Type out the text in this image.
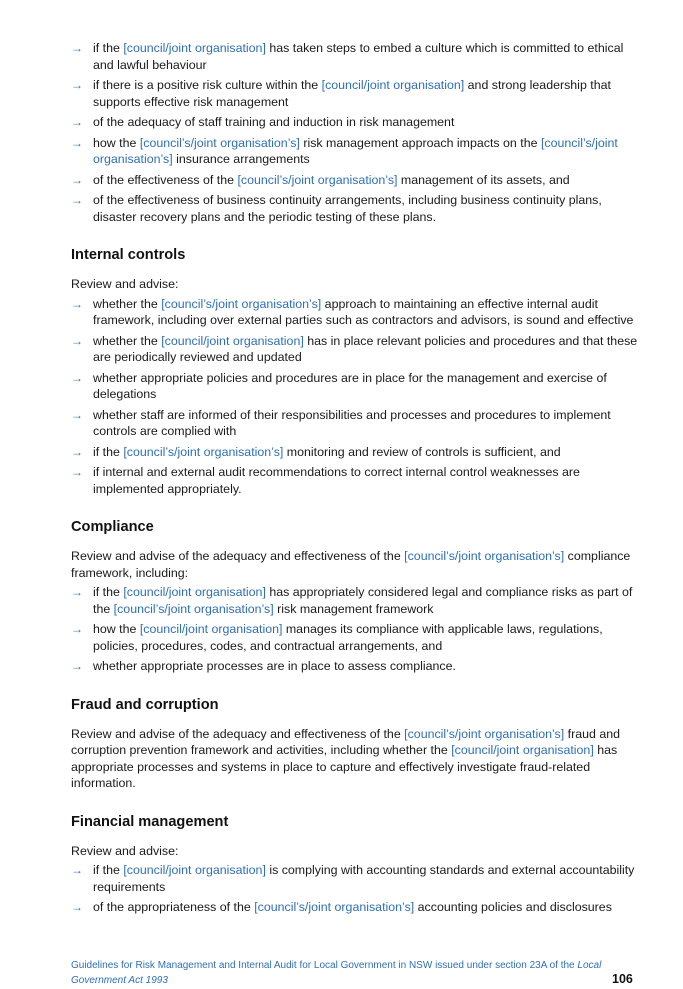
→ if the [council/joint organisation] has taken steps to embed a culture which is committed to ethical and lawful behaviour
→ if there is a positive risk culture within the [council/joint organisation] and strong leadership that supports effective risk management
→ of the adequacy of staff training and induction in risk management
→ how the [council’s/joint organisation’s] risk management approach impacts on the [council’s/joint organisation’s] insurance arrangements
→ of the effectiveness of the [council’s/joint organisation’s] management of its assets, and
→ of the effectiveness of business continuity arrangements, including business continuity plans, disaster recovery plans and the periodic testing of these plans.
Internal controls

Review and advise:

→ whether the [council’s/joint organisation’s] approach to maintaining an effective internal audit framework, including over external parties such as contractors and advisors, is sound and effective
→ whether the [council/joint organisation] has in place relevant policies and procedures and that these are periodically reviewed and updated
→ whether appropriate policies and procedures are in place for the management and exercise of delegations
→ whether staff are informed of their responsibilities and processes and procedures to implement controls are complied with
→ if the [council’s/joint organisation’s] monitoring and review of controls is sufficient, and
→ if internal and external audit recommendations to correct internal control weaknesses are implemented appropriately.
Compliance

Review and advise of the adequacy and effectiveness of the [council’s/joint organisation’s] compliance framework, including:

→ if the [council/joint organisation] has appropriately considered legal and compliance risks as part of the [council’s/joint organisation’s] risk management framework
→ how the [council/joint organisation] manages its compliance with applicable laws, regulations, policies, procedures, codes, and contractual arrangements, and
→ whether appropriate processes are in place to assess compliance.
Fraud and corruption

Review and advise of the adequacy and effectiveness of the [council’s/joint organisation’s] fraud and corruption prevention framework and activities, including whether the [council/joint organisation] has appropriate processes and systems in place to capture and effectively investigate fraud-related information.

Financial management

Review and advise:

→ if the [council/joint organisation] is complying with accounting standards and external accountability requirements
→ of the appropriateness of the [council’s/joint organisation’s] accounting policies and disclosures
Guidelines for Risk Management and Internal Audit for Local Government in NSW issued under section 23A of the Local Government Act 1993	106
